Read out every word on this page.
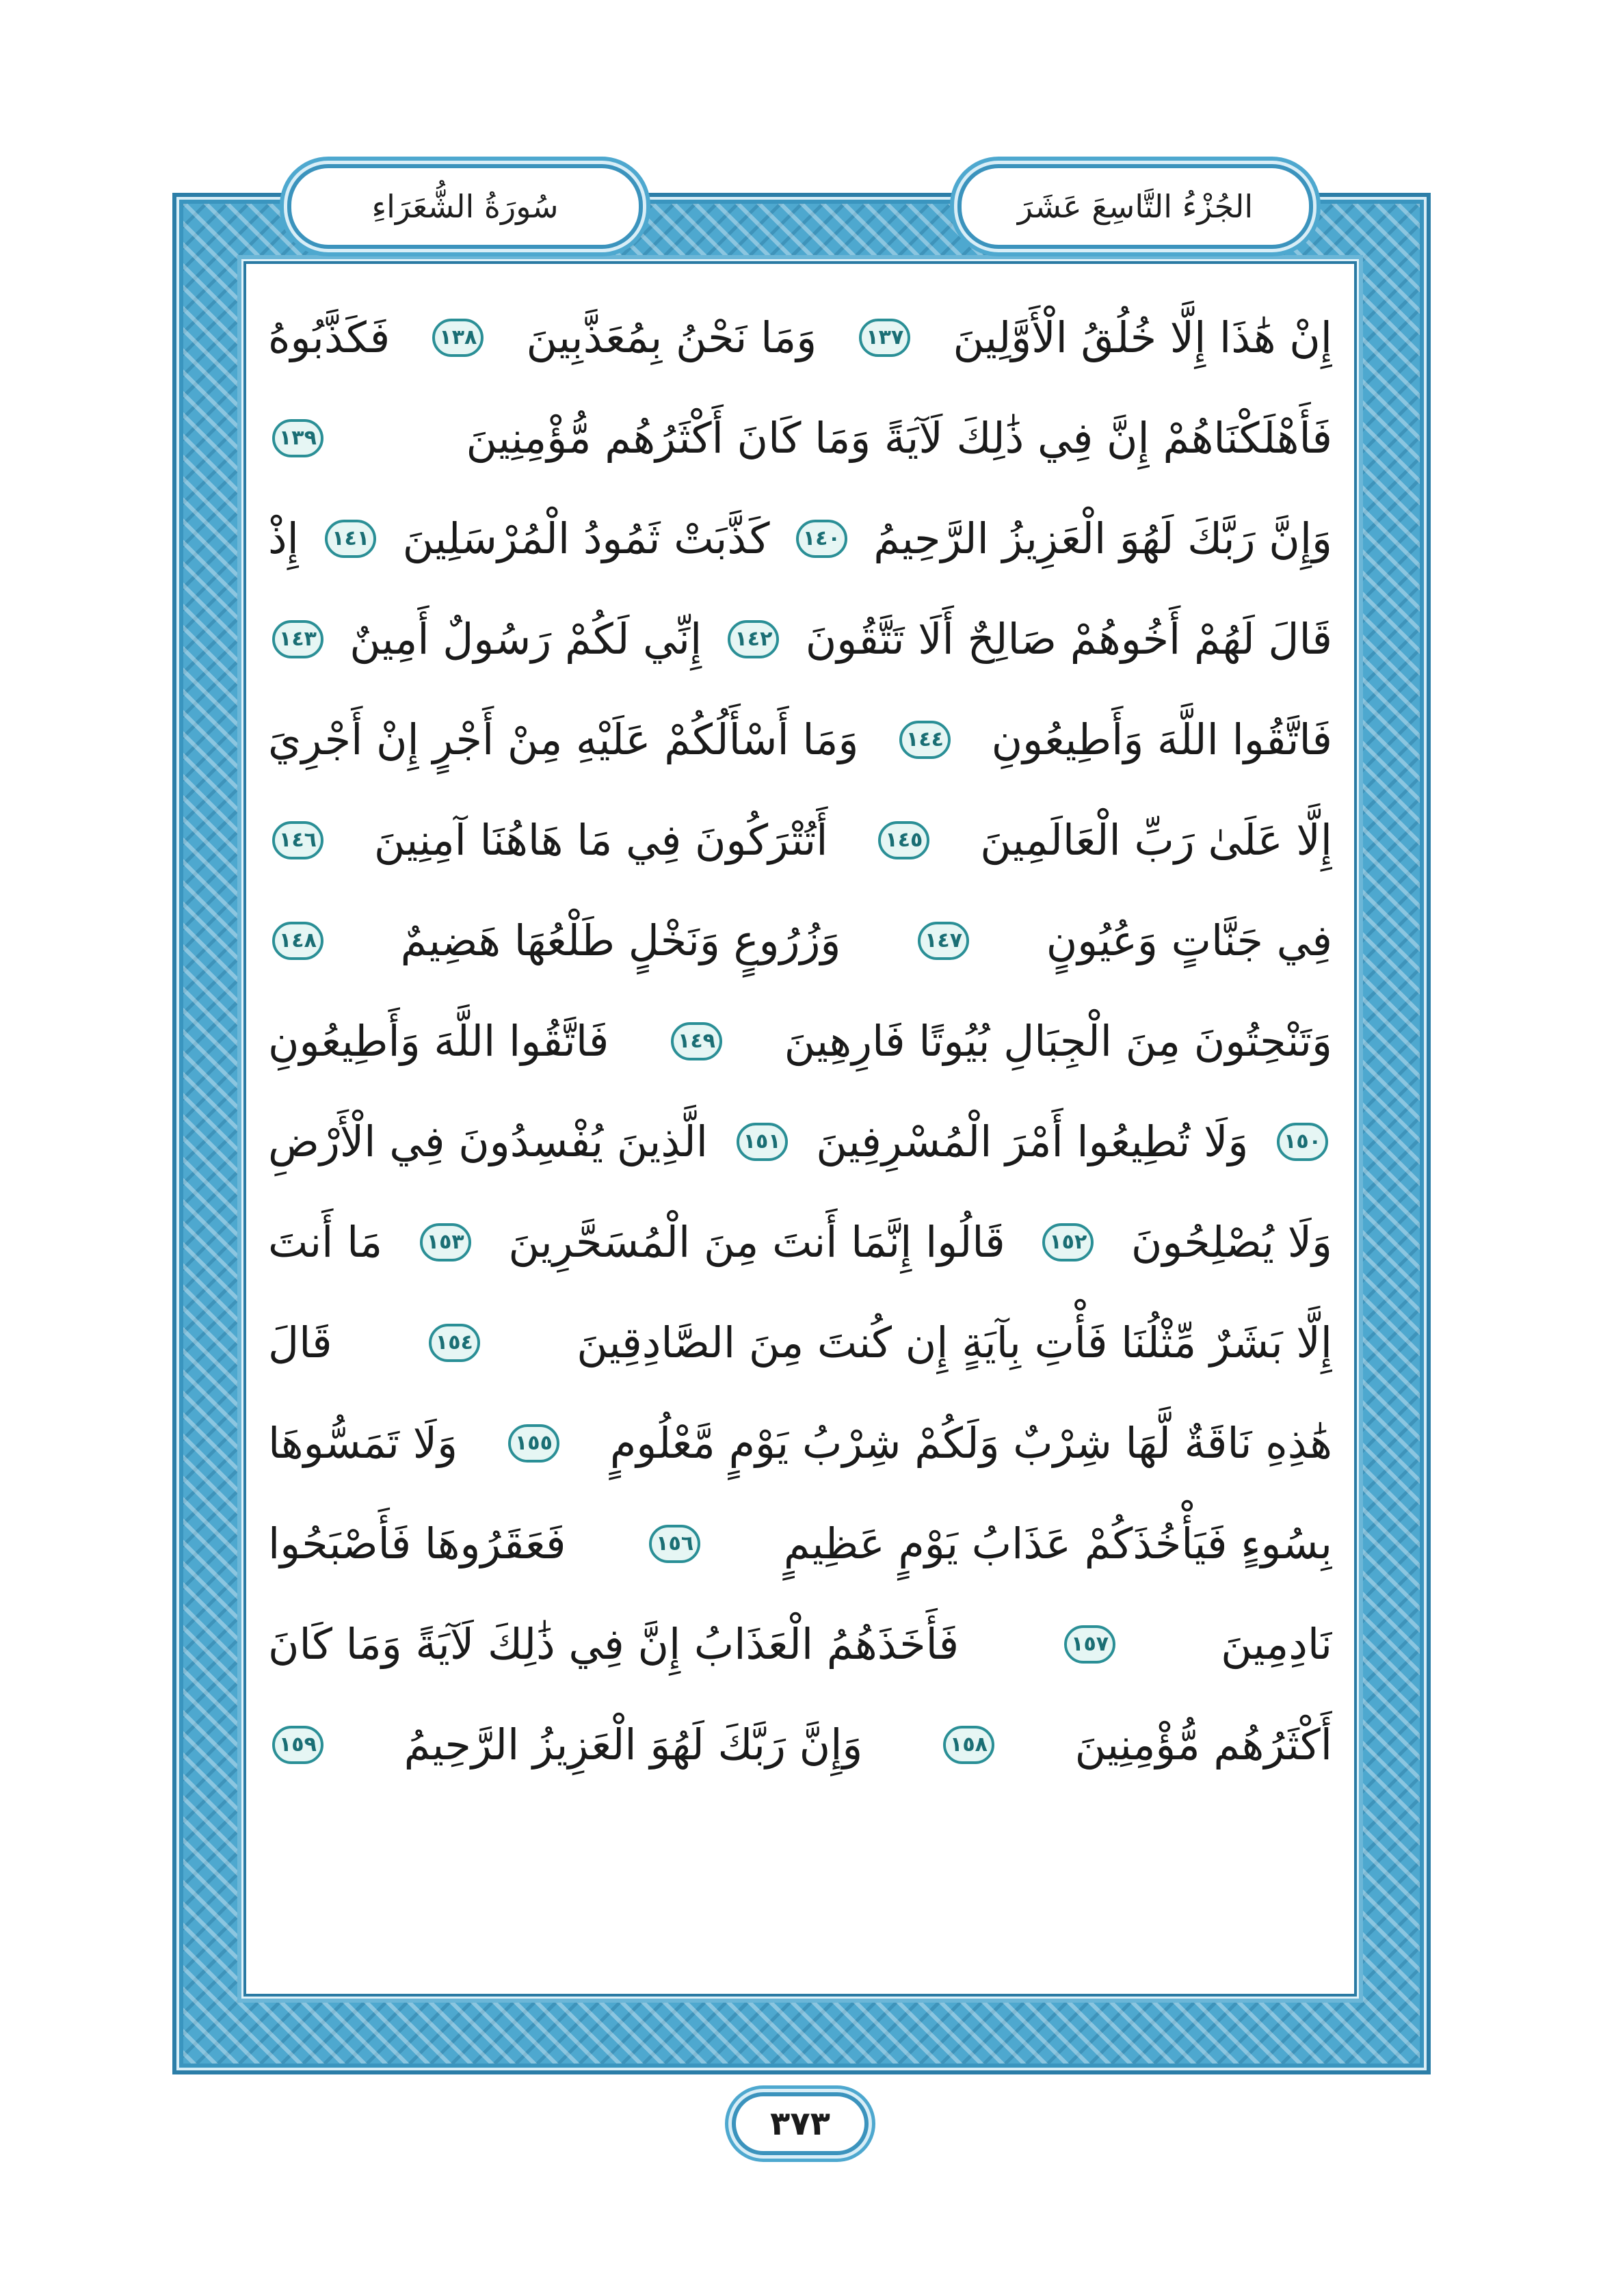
سُورَةُ الشُّعَرَاءِ	الجُزْءُ التَّاسِعَ عَشَرَ
إِنْ هَٰذَا إِلَّا خُلُقُ الْأَوَّلِينَ
١٣٧
وَمَا نَحْنُ بِمُعَذَّبِينَ
١٣٨
فَكَذَّبُوهُ
فَأَهْلَكْنَاهُمْ إِنَّ فِي ذَٰلِكَ لَآيَةً وَمَا كَانَ أَكْثَرُهُم مُّؤْمِنِينَ
١٣٩
وَإِنَّ رَبَّكَ لَهُوَ الْعَزِيزُ الرَّحِيمُ
١٤٠
كَذَّبَتْ ثَمُودُ الْمُرْسَلِينَ
١٤١
إِذْ
قَالَ لَهُمْ أَخُوهُمْ صَالِحٌ أَلَا تَتَّقُونَ
١٤٢
إِنِّي لَكُمْ رَسُولٌ أَمِينٌ
١٤٣
فَاتَّقُوا اللَّهَ وَأَطِيعُونِ
١٤٤
وَمَا أَسْأَلُكُمْ عَلَيْهِ مِنْ أَجْرٍ إِنْ أَجْرِيَ
إِلَّا عَلَىٰ رَبِّ الْعَالَمِينَ
١٤٥
أَتُتْرَكُونَ فِي مَا هَاهُنَا آمِنِينَ
١٤٦
فِي جَنَّاتٍ وَعُيُونٍ
١٤٧
وَزُرُوعٍ وَنَخْلٍ طَلْعُهَا هَضِيمٌ
١٤٨
وَتَنْحِتُونَ مِنَ الْجِبَالِ بُيُوتًا فَارِهِينَ
١٤٩
فَاتَّقُوا اللَّهَ وَأَطِيعُونِ
١٥٠
وَلَا تُطِيعُوا أَمْرَ الْمُسْرِفِينَ
١٥١
الَّذِينَ يُفْسِدُونَ فِي الْأَرْضِ
وَلَا يُصْلِحُونَ
١٥٢
قَالُوا إِنَّمَا أَنتَ مِنَ الْمُسَحَّرِينَ
١٥٣
مَا أَنتَ
إِلَّا بَشَرٌ مِّثْلُنَا فَأْتِ بِآيَةٍ إِن كُنتَ مِنَ الصَّادِقِينَ
١٥٤
قَالَ
هَٰذِهِ نَاقَةٌ لَّهَا شِرْبٌ وَلَكُمْ شِرْبُ يَوْمٍ مَّعْلُومٍ
١٥٥
وَلَا تَمَسُّوهَا
بِسُوءٍ فَيَأْخُذَكُمْ عَذَابُ يَوْمٍ عَظِيمٍ
١٥٦
فَعَقَرُوهَا فَأَصْبَحُوا
نَادِمِينَ
١٥٧
فَأَخَذَهُمُ الْعَذَابُ إِنَّ فِي ذَٰلِكَ لَآيَةً وَمَا كَانَ
أَكْثَرُهُم مُّؤْمِنِينَ
١٥٨
وَإِنَّ رَبَّكَ لَهُوَ الْعَزِيزُ الرَّحِيمُ
١٥٩
٣٧٣
